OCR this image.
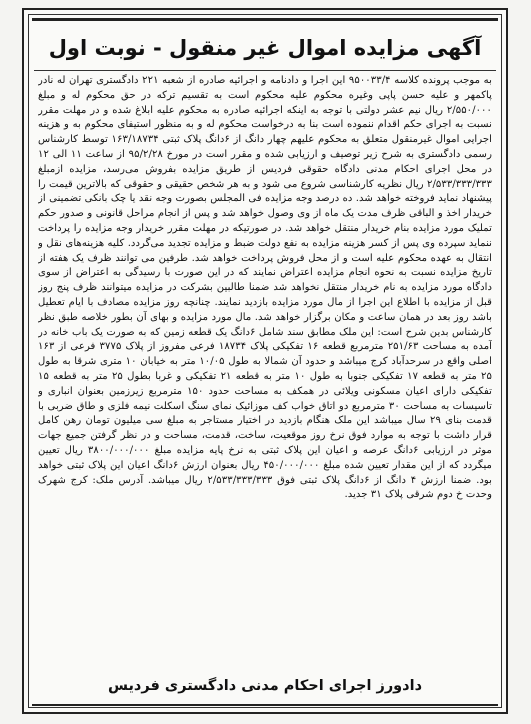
آگهی مزایده اموال غیر منقول - نوبت اول
به موجب پرونده کلاسه ۹۵۰۰۳۳/۴ این اجرا و دادنامه و اجرائیه صادره از شعبه ۲۲۱ دادگستری تهران له نادر پاکمهر و علیه حسن پاپی وغیره محکوم علیه محکوم است به تقسیم ترکه در حق محکوم له و مبلغ ۲/۵۵۰/۰۰۰ ریال نیم عشر دولتی با توجه به اینکه اجرائیه صادره به محکوم علیه ابلاغ شده و در مهلت مقرر نسبت به اجرای حکم اقدام ننموده است بنا به درخواست محکوم له و به منظور استیفای محکوم به و هزینه اجرایی اموال غیرمنقول متعلق به محکوم علیهم چهار دانگ از ۶دانگ پلاک ثبتی ۱۶۳/۱۸۷۳۴ توسط کارشناس رسمی دادگستری به شرح زیر توصیف و ارزیابی شده و مقرر است در مورخ ۹۵/۲/۲۸ از ساعت ۱۱ الی ۱۲ در محل اجرای احکام مدنی دادگاه حقوقی فردیس از طریق مزایده بفروش می‌رسد، مزایده ازمبلغ ۲/۵۳۳/۳۳۳/۳۳۳ ریال نظریه کارشناسی شروع می شود و به هر شخص حقیقی و حقوقی که بالاترین قیمت را پیشنهاد نماید فروخته خواهد شد. ده درصد وجه مزایده فی المجلس بصورت وجه نقد یا چک بانکی تضمینی از خریدار اخذ و الباقی ظرف مدت یک ماه از وی وصول خواهد شد و پس از انجام مراحل قانونی و صدور حکم تملیک مورد مزایده بنام خریدار منتقل خواهد شد. در صورتیکه در مهلت مقرر خریدار وجه مزایده را پرداخت ننماید سپرده وی پس از کسر هزینه مزایده به نفع دولت ضبط و مزایده تجدید می‌گردد. کلیه هزینه‌های نقل و انتقال به عهده محکوم علیه است و از محل فروش پرداخت خواهد شد. طرفین می توانند ظرف یک هفته از تاریخ مزایده نسبت به نحوه انجام مزایده اعتراض نمایند که در این صورت با رسیدگی به اعتراض از سوی دادگاه مورد مزایده به نام خریدار منتقل نخواهد شد ضمنا طالبین بشرکت در مزایده میتوانند ظرف پنج روز قبل از مزایده با اطلاع این اجرا از مال مورد مزایده بازدید نمایند. چنانچه روز مزایده مصادف با ایام تعطیل باشد روز بعد در همان ساعت و مکان برگزار خواهد شد. مال مورد مزایده و بهای آن بطور خلاصه طبق نظر کارشناس بدین شرح است: این ملک مطابق سند شامل ۶دانگ یک قطعه زمین که به صورت یک باب خانه در آمده به مساحت ۲۵۱/۶۳ مترمربع قطعه ۱۶ تفکیکی پلاک ۱۸۷۳۴ فرعی مفروز از پلاک ۳۷۷۵ فرعی از ۱۶۳ اصلی واقع در سرحدآباد کرج میباشد و حدود آن شمالا به طول ۱۰/۰۵ متر به خیابان ۱۰ متری شرقا به طول ۲۵ متر به قطعه ۱۷ تفکیکی جنوبا به طول ۱۰ متر به قطعه ۲۱ تفکیکی و غربا بطول ۲۵ متر به قطعه ۱۵ تفکیکی دارای اعیان مسکونی ویلائی در همکف به مساحت حدود ۱۵۰ مترمربع زیرزمین بعنوان انباری و تاسیسات به مساحت ۳۰ مترمربع دو اتاق خواب کف موزائیک نمای سنگ اسکلت نیمه فلزی و طاق ضربی با قدمت بنای ۲۹ سال میباشد این ملک هنگام بازدید در اختیار مستاجر به مبلغ سی میلیون تومان رهن کامل قرار داشت با توجه به موارد فوق نرخ روز موقعیت، ساخت، قدمت، مساحت و در نظر گرفتن جمیع جهات موثر در ارزیابی ۶دانگ عرصه و اعیان این پلاک ثبتی به نرخ پایه مزایده مبلغ ۳۸۰۰/۰۰۰/۰۰۰ ریال تعیین میگردد که از این مقدار تعیین شده مبلغ ۴۵۰/۰۰۰/۰۰۰ ریال بعنوان ارزش ۶دانگ اعیان این پلاک ثبتی خواهد بود. ضمنا ارزش ۴ دانگ از ۶دانگ پلاک ثبتی فوق ۲/۵۳۳/۳۳۳/۳۳۳ ریال میباشد. آدرس ملک: کرج شهرک وحدت خ دوم شرقی پلاک ۳۱ جدید.
دادورز اجرای احکام مدنی دادگستری فردیس
